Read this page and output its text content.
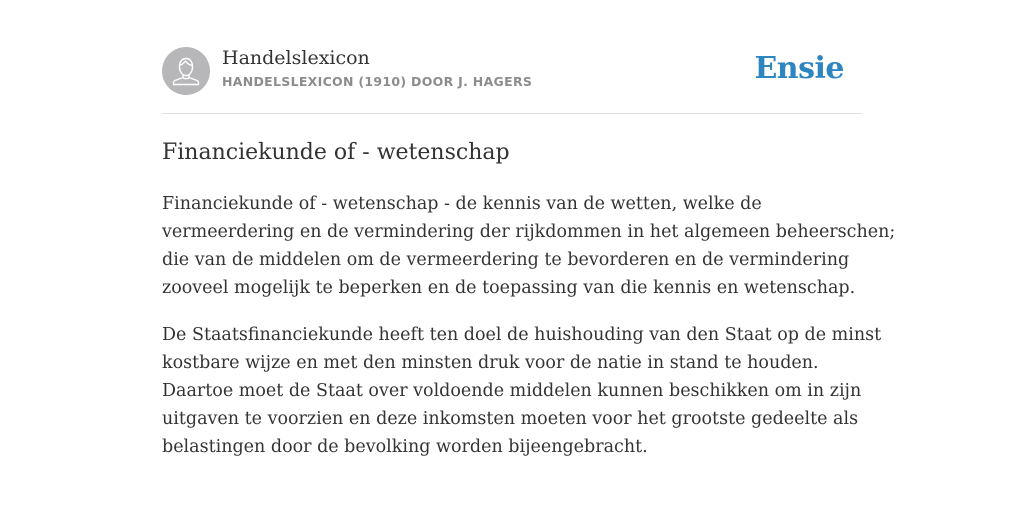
Handelslexicon
HANDELSLEXICON (1910) DOOR J. HAGERS	Ensie
Financiekunde of - wetenschap

Financiekunde of - wetenschap - de kennis van de wetten, welke de
vermeerdering en de vermindering der rijkdommen in het algemeen beheerschen;
die van de middelen om de vermeerdering te bevorderen en de vermindering
zooveel mogelijk te beperken en de toepassing van die kennis en wetenschap.

De Staatsfinanciekunde heeft ten doel de huishouding van den Staat op de minst
kostbare wijze en met den minsten druk voor de natie in stand te houden.
Daartoe moet de Staat over voldoende middelen kunnen beschikken om in zijn
uitgaven te voorzien en deze inkomsten moeten voor het grootste gedeelte als
belastingen door de bevolking worden bijeengebracht.
